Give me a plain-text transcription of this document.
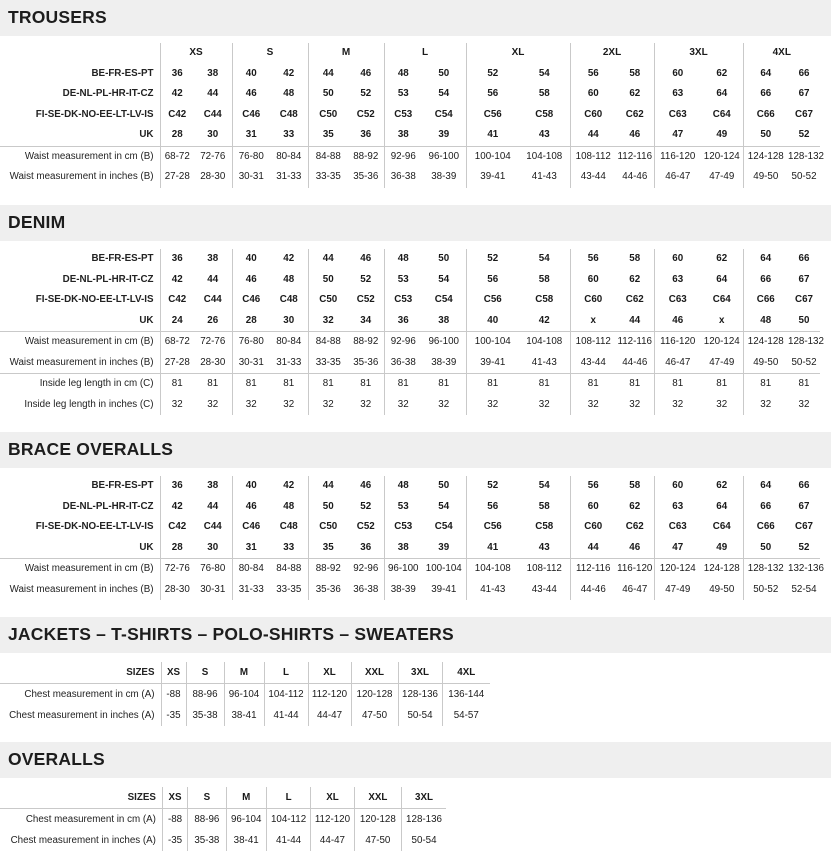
TROUSERS
	XS		S		M		L		XL		2XL		3XL		4XL	
BE-FR-ES-PT	36	38	40	42	44	46	48	50	52	54	56	58	60	62	64	66
DE-NL-PL-HR-IT-CZ	42	44	46	48	50	52	53	54	56	58	60	62	63	64	66	67
FI-SE-DK-NO-EE-LT-LV-IS	C42	C44	C46	C48	C50	C52	C53	C54	C56	C58	C60	C62	C63	C64	C66	C67
UK	28	30	31	33	35	36	38	39	41	43	44	46	47	49	50	52
Waist measurement in cm (B)	68-72	72-76	76-80	80-84	84-88	88-92	92-96	96-100	100-104	104-108	108-112	112-116	116-120	120-124	124-128	128-132
Waist measurement in inches (B)	27-28	28-30	30-31	31-33	33-35	35-36	36-38	38-39	39-41	41-43	43-44	44-46	46-47	47-49	49-50	50-52
DENIM
BE-FR-ES-PT	36	38	40	42	44	46	48	50	52	54	56	58	60	62	64	66
DE-NL-PL-HR-IT-CZ	42	44	46	48	50	52	53	54	56	58	60	62	63	64	66	67
FI-SE-DK-NO-EE-LT-LV-IS	C42	C44	C46	C48	C50	C52	C53	C54	C56	C58	C60	C62	C63	C64	C66	C67
UK	24	26	28	30	32	34	36	38	40	42	x	44	46	x	48	50
Waist measurement in cm (B)	68-72	72-76	76-80	80-84	84-88	88-92	92-96	96-100	100-104	104-108	108-112	112-116	116-120	120-124	124-128	128-132
Waist measurement in inches (B)	27-28	28-30	30-31	31-33	33-35	35-36	36-38	38-39	39-41	41-43	43-44	44-46	46-47	47-49	49-50	50-52
Inside leg length in cm (C)	81	81	81	81	81	81	81	81	81	81	81	81	81	81	81	81
Inside leg length in inches (C)	32	32	32	32	32	32	32	32	32	32	32	32	32	32	32	32
BRACE OVERALLS
BE-FR-ES-PT	36	38	40	42	44	46	48	50	52	54	56	58	60	62	64	66
DE-NL-PL-HR-IT-CZ	42	44	46	48	50	52	53	54	56	58	60	62	63	64	66	67
FI-SE-DK-NO-EE-LT-LV-IS	C42	C44	C46	C48	C50	C52	C53	C54	C56	C58	C60	C62	C63	C64	C66	C67
UK	28	30	31	33	35	36	38	39	41	43	44	46	47	49	50	52
Waist measurement in cm (B)	72-76	76-80	80-84	84-88	88-92	92-96	96-100	100-104	104-108	108-112	112-116	116-120	120-124	124-128	128-132	132-136
Waist measurement in inches (B)	28-30	30-31	31-33	33-35	35-36	36-38	38-39	39-41	41-43	43-44	44-46	46-47	47-49	49-50	50-52	52-54
JACKETS – T-SHIRTS – POLO-SHIRTS – SWEATERS
SIZES	XS	S	M	L	XL	XXL	3XL	4XL
Chest measurement in cm (A)	-88	88-96	96-104	104-112	112-120	120-128	128-136	136-144
Chest measurement in inches (A)	-35	35-38	38-41	41-44	44-47	47-50	50-54	54-57
OVERALLS
SIZES	XS	S	M	L	XL	XXL	3XL
Chest measurement in cm (A)	-88	88-96	96-104	104-112	112-120	120-128	128-136
Chest measurement in inches (A)	-35	35-38	38-41	41-44	44-47	47-50	50-54
